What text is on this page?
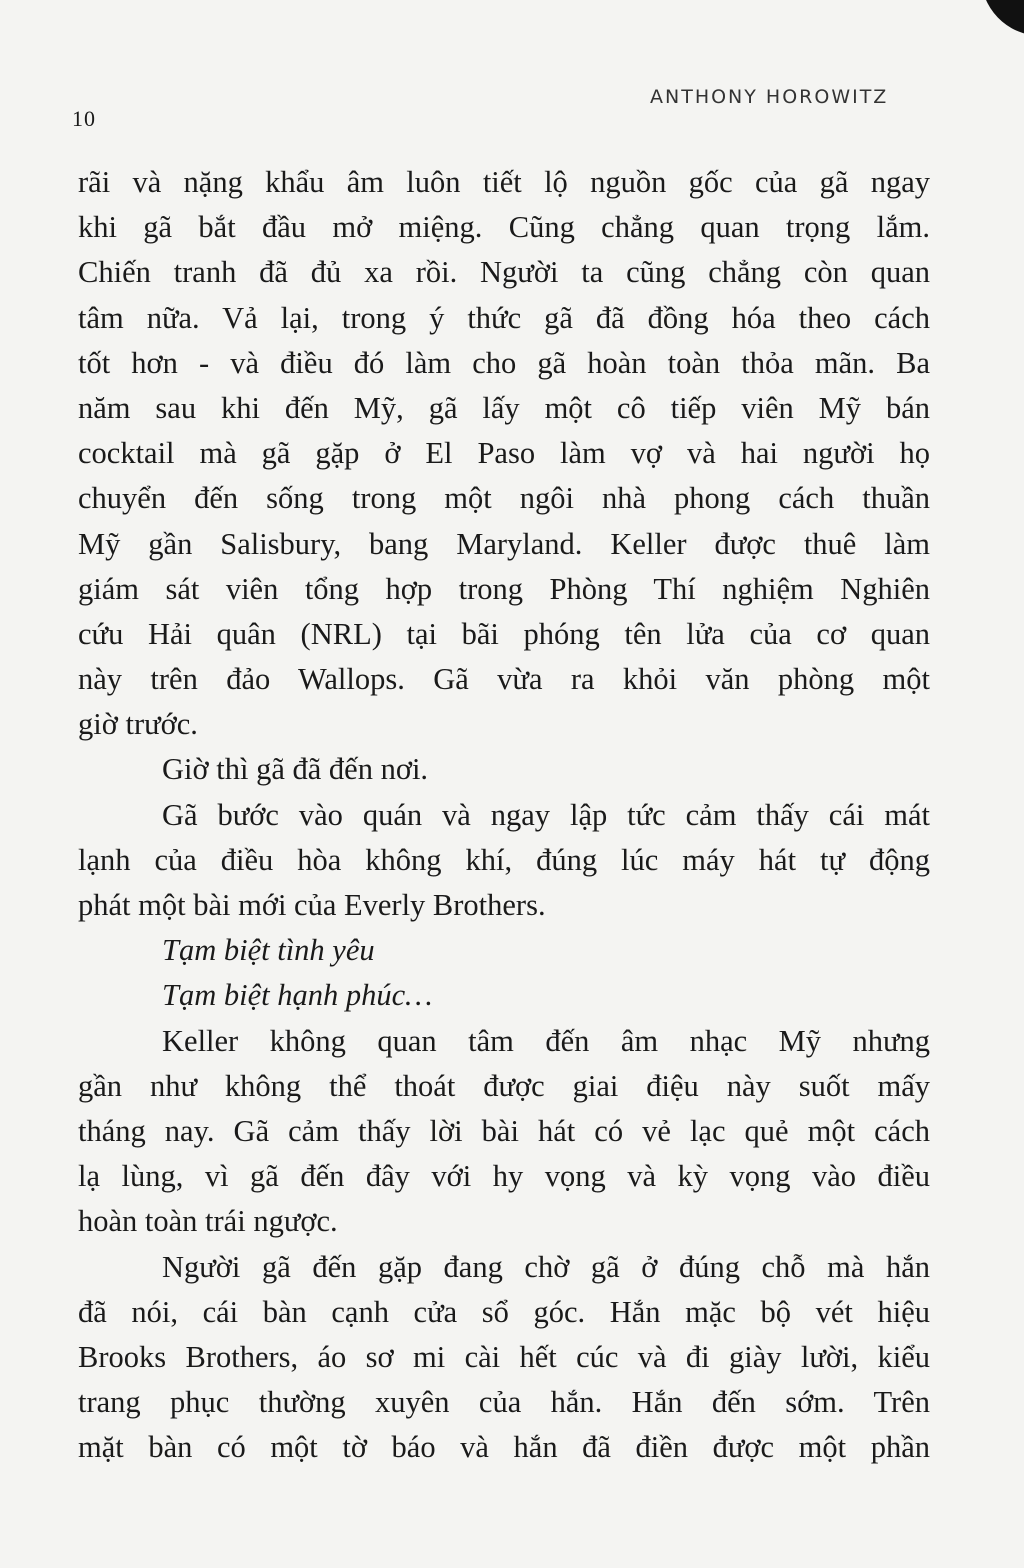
10
ANTHONY HOROWITZ
rãi và nặng khẩu âm luôn tiết lộ nguồn gốc của gã ngay
khi gã bắt đầu mở miệng. Cũng chẳng quan trọng lắm.
Chiến tranh đã đủ xa rồi. Người ta cũng chẳng còn quan
tâm nữa. Vả lại, trong ý thức gã đã đồng hóa theo cách
tốt hơn - và điều đó làm cho gã hoàn toàn thỏa mãn. Ba
năm sau khi đến Mỹ, gã lấy một cô tiếp viên Mỹ bán
cocktail mà gã gặp ở El Paso làm vợ và hai người họ
chuyển đến sống trong một ngôi nhà phong cách thuần
Mỹ gần Salisbury, bang Maryland. Keller được thuê làm
giám sát viên tổng hợp trong Phòng Thí nghiệm Nghiên
cứu Hải quân (NRL) tại bãi phóng tên lửa của cơ quan
này trên đảo Wallops. Gã vừa ra khỏi văn phòng một
giờ trước.
Giờ thì gã đã đến nơi.
Gã bước vào quán và ngay lập tức cảm thấy cái mát
lạnh của điều hòa không khí, đúng lúc máy hát tự động
phát một bài mới của Everly Brothers.
Tạm biệt tình yêu
Tạm biệt hạnh phúc…
Keller không quan tâm đến âm nhạc Mỹ nhưng
gần như không thể thoát được giai điệu này suốt mấy
tháng nay. Gã cảm thấy lời bài hát có vẻ lạc quẻ một cách
lạ lùng, vì gã đến đây với hy vọng và kỳ vọng vào điều
hoàn toàn trái ngược.
Người gã đến gặp đang chờ gã ở đúng chỗ mà hắn
đã nói, cái bàn cạnh cửa sổ góc. Hắn mặc bộ vét hiệu
Brooks Brothers, áo sơ mi cài hết cúc và đi giày lười, kiểu
trang phục thường xuyên của hắn. Hắn đến sớm. Trên
mặt bàn có một tờ báo và hắn đã điền được một phần
